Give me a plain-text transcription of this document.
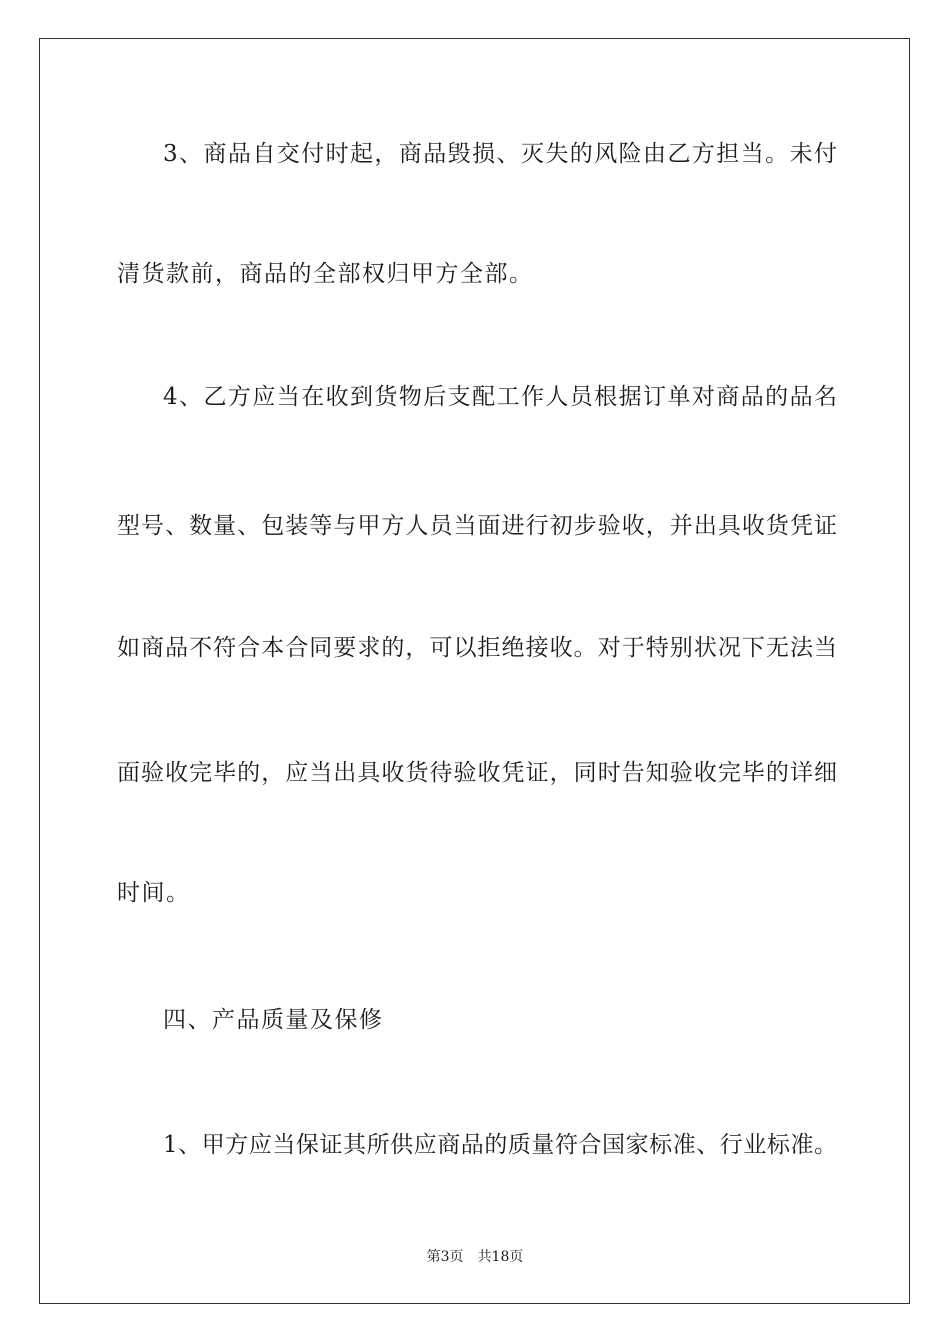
3、商品自交付时起，商品毁损、灭失的风险由乙方担当。未付
清货款前，商品的全部权归甲方全部。
4、乙方应当在收到货物后支配工作人员根据订单对商品的品名
型号、数量、包装等与甲方人员当面进行初步验收，并出具收货凭证
如商品不符合本合同要求的，可以拒绝接收。对于特别状况下无法当
面验收完毕的，应当出具收货待验收凭证，同时告知验收完毕的详细
时间。
四、产品质量及保修
1、甲方应当保证其所供应商品的质量符合国家标准、行业标准。
第3页 共18页
